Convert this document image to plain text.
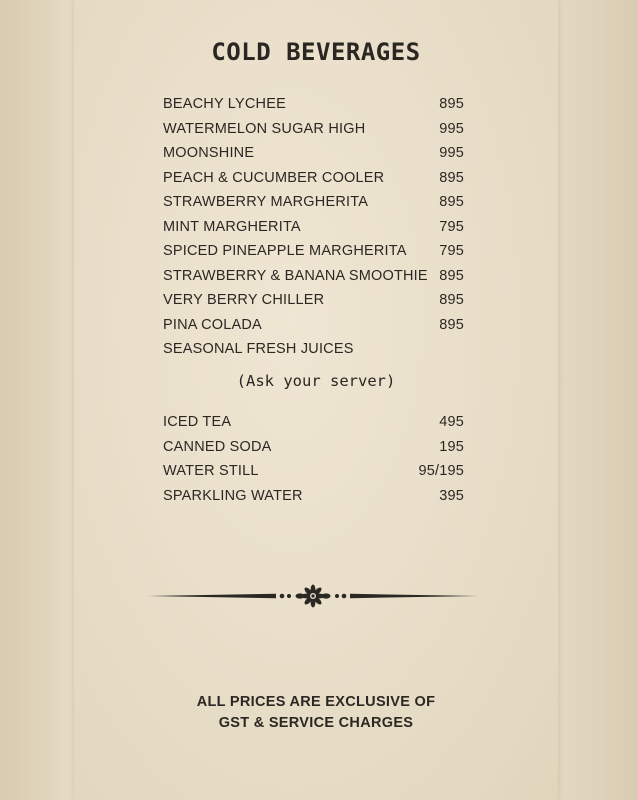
COLD BEVERAGES
BEACHY LYCHEE	895
WATERMELON SUGAR HIGH	995
MOONSHINE	995
PEACH & CUCUMBER COOLER	895
STRAWBERRY MARGHERITA	895
MINT MARGHERITA	795
SPICED PINEAPPLE MARGHERITA 795
STRAWBERRY & BANANA SMOOTHIE 895
VERY BERRY CHILLER	895
PINA COLADA	895
SEASONAL FRESH JUICES

(Ask your server)

ICED TEA	495
CANNED SODA	195
WATER STILL	95/195
SPARKLING WATER	395
ALL PRICES ARE EXCLUSIVE OF
GST & SERVICE CHARGES
